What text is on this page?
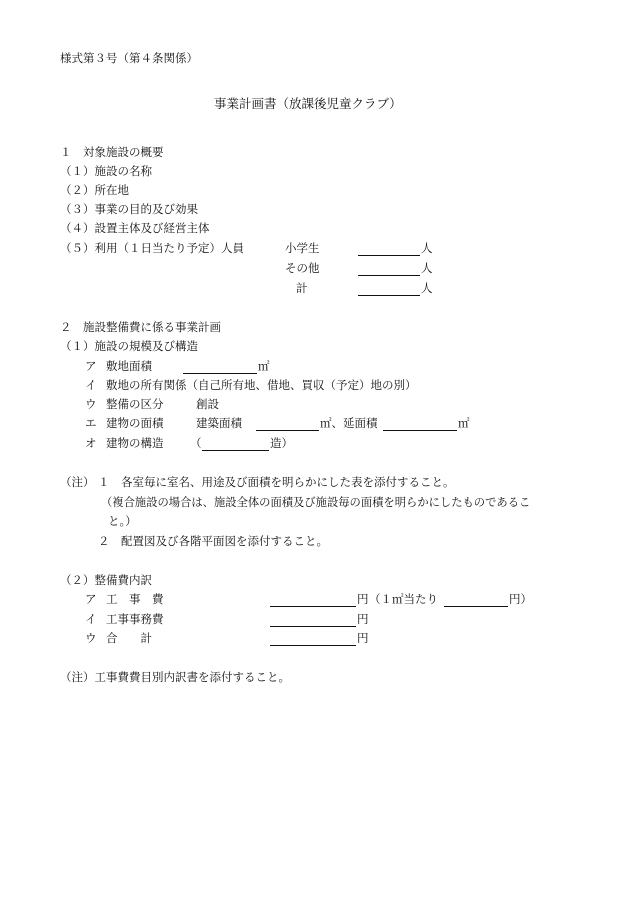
様式第３号（第４条関係）
事業計画書（放課後児童クラブ）
１　対象施設の概要
（１）施設の名称
（２）所在地
（３）事業の目的及び効果
（４）設置主体及び経営主体
（５）利用（１日当たり予定）人員	小学生	人
その他	人
計	人
２　施設整備費に係る事業計画
（１）施設の規模及び構造
ア 敷地面積	㎡
イ 敷地の所有関係（自己所有地、借地、買収（予定）地の別）
ウ 整備の区分	創設
エ 建物の面積	建築面積	㎡、延面積	㎡
オ 建物の構造 （	造）
（注） １ 各室毎に室名、用途及び面積を明らかにした表を添付すること。
（複合施設の場合は、施設全体の面積及び施設毎の面積を明らかにしたものであるこ
と。）
２ 配置図及び各階平面図を添付すること。
（２）整備費内訳
ア 工　事　費	円 （１㎡当たり	円）
イ 工事事務費	円
ウ 合　　計	円
（注）工事費費目別内訳書を添付すること。
